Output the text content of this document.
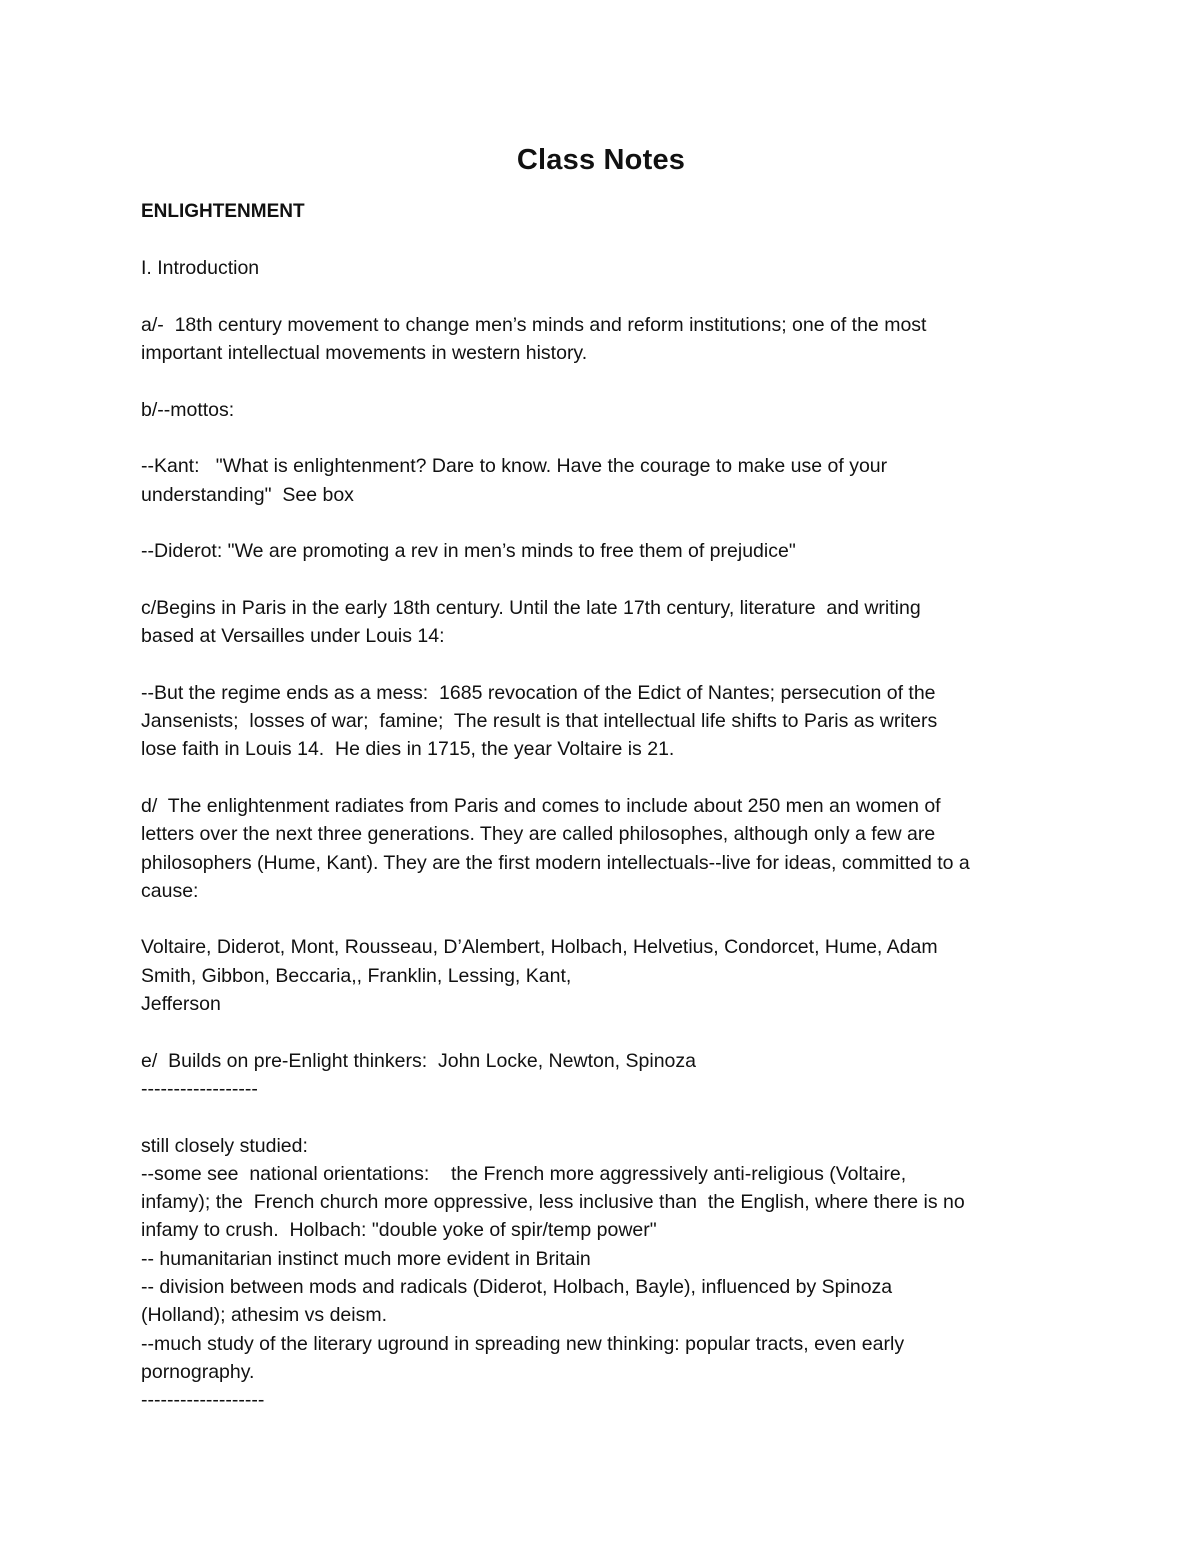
Class Notes

ENLIGHTENMENT

I. Introduction

a/-  18th century movement to change men’s minds and reform institutions; one of the most

important intellectual movements in western history.

b/--mottos:

--Kant:   "What is enlightenment? Dare to know. Have the courage to make use of your

understanding"  See box

--Diderot: "We are promoting a rev in men’s minds to free them of prejudice"

c/Begins in Paris in the early 18th century. Until the late 17th century, literature  and writing

based at Versailles under Louis 14:

--But the regime ends as a mess:  1685 revocation of the Edict of Nantes; persecution of the

Jansenists;  losses of war;  famine;  The result is that intellectual life shifts to Paris as writers

lose faith in Louis 14.  He dies in 1715, the year Voltaire is 21.

d/  The enlightenment radiates from Paris and comes to include about 250 men an women of

letters over the next three generations. They are called philosophes, although only a few are

philosophers (Hume, Kant). They are the first modern intellectuals--live for ideas, committed to a

cause:

Voltaire, Diderot, Mont, Rousseau, D’Alembert, Holbach, Helvetius, Condorcet, Hume, Adam

Smith, Gibbon, Beccaria,, Franklin, Lessing, Kant,

Jefferson

e/  Builds on pre-Enlight thinkers:  John Locke, Newton, Spinoza

------------------

still closely studied:

--some see  national orientations:    the French more aggressively anti-religious (Voltaire,

infamy); the  French church more oppressive, less inclusive than  the English, where there is no

infamy to crush.  Holbach: "double yoke of spir/temp power"

-- humanitarian instinct much more evident in Britain

-- division between mods and radicals (Diderot, Holbach, Bayle), influenced by Spinoza

(Holland); athesim vs deism.

--much study of the literary uground in spreading new thinking: popular tracts, even early

pornography.

-------------------
